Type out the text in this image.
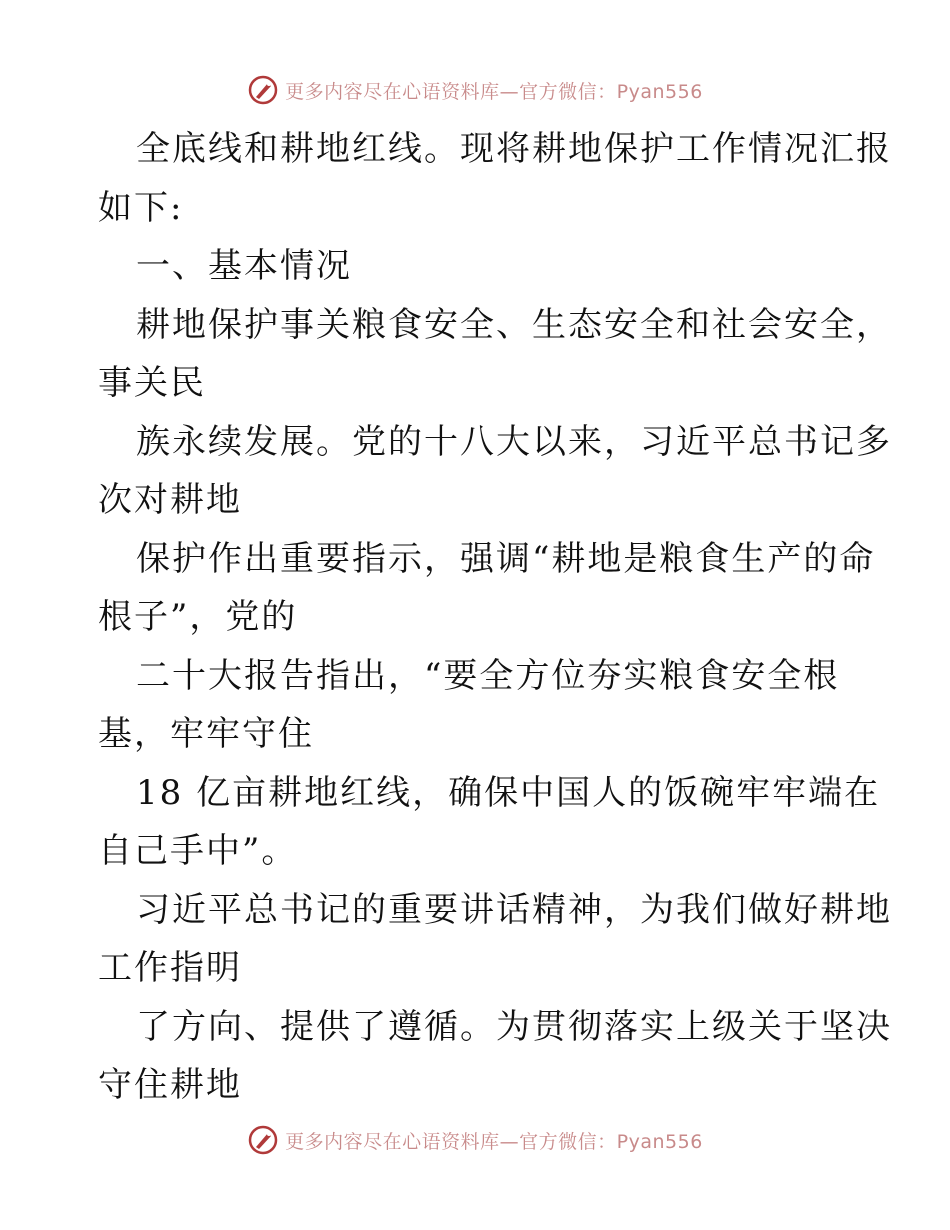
更多内容尽在心语资料库—官方微信：Pyan556
全底线和耕地红线。现将耕地保护工作情况汇报
如下:
一、基本情况
耕地保护事关粮食安全、生态安全和社会安全，
事关民
族永续发展。党的十八大以来，习近平总书记多
次对耕地
保护作出重要指示，强调“耕地是粮食生产的命
根子”，党的
二十大报告指出，“要全方位夯实粮食安全根
基，牢牢守住
18 亿亩耕地红线，确保中国人的饭碗牢牢端在
自己手中”。
习近平总书记的重要讲话精神，为我们做好耕地
工作指明
了方向、提供了遵循。为贯彻落实上级关于坚决
守住耕地
更多内容尽在心语资料库—官方微信：Pyan556
